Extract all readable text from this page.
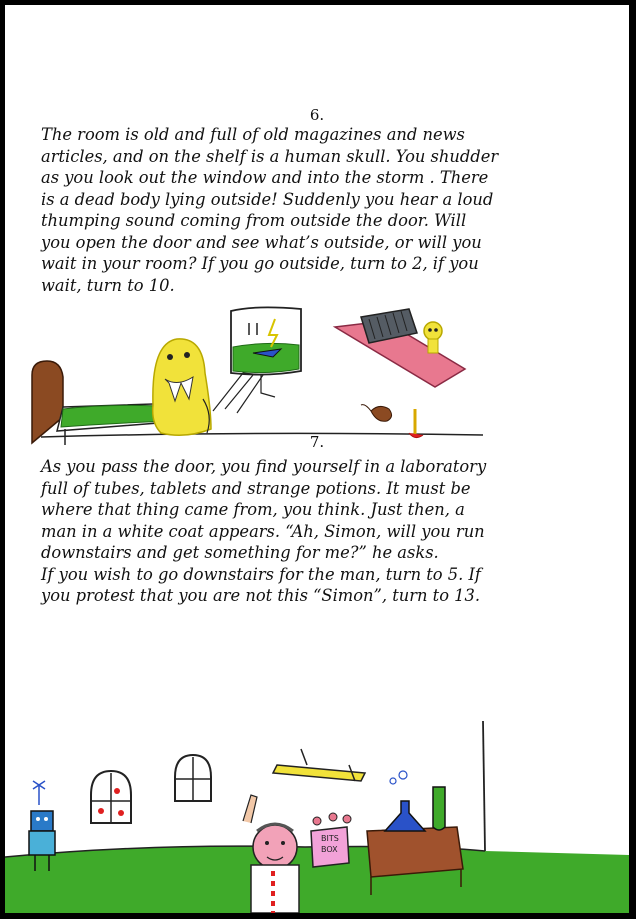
6.

The room is old and full of old magazines and news
articles, and on the shelf is a human skull. You shudder
as you look out the window and into the storm . There
is a dead body lying outside! Suddenly you hear a loud
thumping sound coming from outside the door. Will
you open the door and see what’s outside, or will you
wait in your room? If you go outside, turn to 2, if you
wait, turn to 10.

7.

As you pass the door, you find yourself in a laboratory
full of tubes, tablets and strange potions. It must be
where that thing came from, you think. Just then, a
man in a white coat appears. “Ah, Simon, will you run
downstairs and get something for me?” he asks.
If you wish to go downstairs for the man, turn to 5. If
you protest that you are not this “Simon”, turn to 13.

BITS
BOX
